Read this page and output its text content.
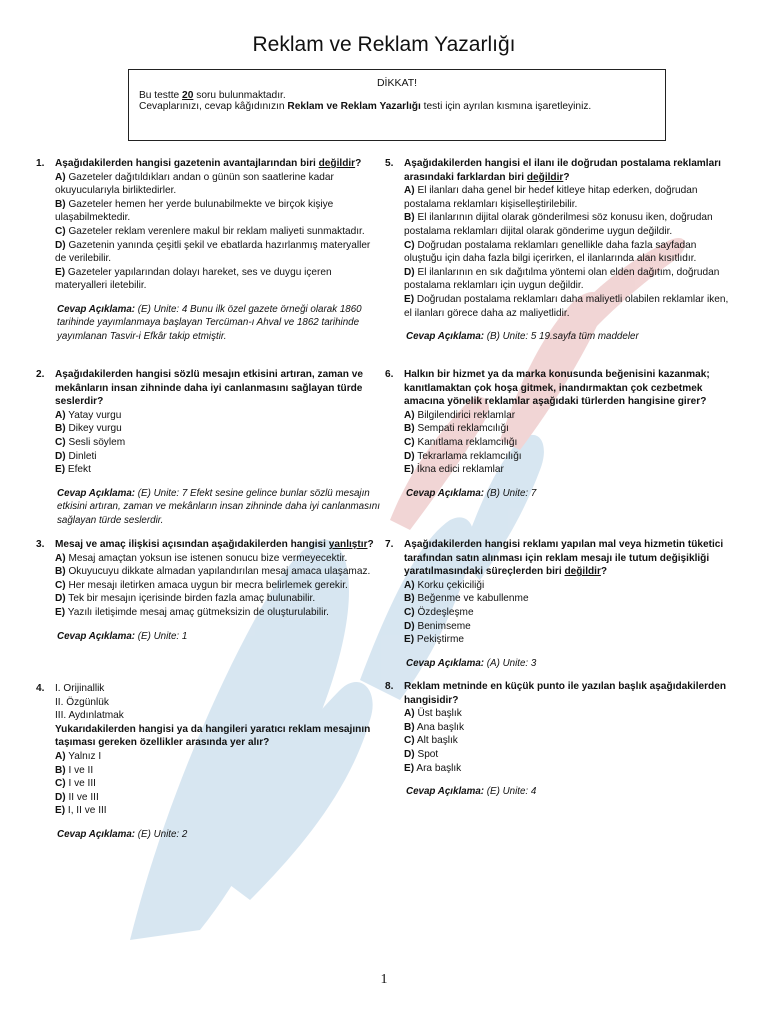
Reklam ve Reklam Yazarlığı
DİKKAT!
Bu testte 20 soru bulunmaktadır.
Cevaplarınızı, cevap kâğıdınızın Reklam ve Reklam Yazarlığı testi için ayrılan kısmına işaretleyiniz.
1.	Aşağıdakilerden hangisi gazetenin avantajlarından biri değildir?
A) Gazeteler dağıtıldıkları andan o günün son saatlerine kadar okuyucularıyla birliktedirler.
B) Gazeteler hemen her yerde bulunabilmekte ve birçok kişiye ulaşabilmektedir.
C) Gazeteler reklam verenlere makul bir reklam maliyeti sunmaktadır.
D) Gazetenin yanında çeşitli şekil ve ebatlarda hazırlanmış materyaller de verilebilir.
E) Gazeteler yapılarından dolayı hareket, ses ve duygu içeren materyalleri iletebilir.
Cevap Açıklama: (E) Unite: 4 Bunu ilk özel gazete örneği olarak 1860 tarihinde yayımlanmaya başlayan Tercüman-ı Ahval ve 1862 tarihinde yayımlanan Tasvir-i Efkâr takip etmiştir.
2.	Aşağıdakilerden hangisi sözlü mesajın etkisini artıran, zaman ve mekânların insan zihninde daha iyi canlanmasını sağlayan türde seslerdir?
A) Yatay vurgu
B) Dikey vurgu
C) Sesli söylem
D) Dinleti
E) Efekt
Cevap Açıklama: (E) Unite: 7 Efekt sesine gelince bunlar sözlü mesajın etkisini artıran, zaman ve mekânların insan zihninde daha iyi canlanmasını sağlayan türde seslerdir.
3.	Mesaj ve amaç ilişkisi açısından aşağıdakilerden hangisi yanlıştır?
A) Mesaj amaçtan yoksun ise istenen sonucu bize vermeyecektir.
B) Okuyucuyu dikkate almadan yapılandırılan mesaj amaca ulaşamaz.
C) Her mesajı iletirken amaca uygun bir mecra belirlemek gerekir.
D) Tek bir mesajın içerisinde birden fazla amaç bulunabilir.
E) Yazılı iletişimde mesaj amaç gütmeksizin de oluşturulabilir.
Cevap Açıklama: (E) Unite: 1
4.	I. Orijinallik
II. Özgünlük
III. Aydınlatmak
Yukarıdakilerden hangisi ya da hangileri yaratıcı reklam mesajının taşıması gereken özellikler arasında yer alır?
A) Yalnız I
B) I ve II
C) I ve III
D) II ve III
E) I, II ve III
Cevap Açıklama: (E) Unite: 2
5.	Aşağıdakilerden hangisi el ilanı ile doğrudan postalama reklamları arasındaki farklardan biri değildir?
A) El ilanları daha genel bir hedef kitleye hitap ederken, doğrudan postalama reklamları kişiselleştirilebilir.
B) El ilanlarının dijital olarak gönderilmesi söz konusu iken, doğrudan postalama reklamları dijital olarak gönderime uygun değildir.
C) Doğrudan postalama reklamları genellikle daha fazla sayfadan oluştuğu için daha fazla bilgi içerirken, el ilanlarında alan kısıtlıdır.
D) El ilanlarının en sık dağıtılma yöntemi olan elden dağıtım, doğrudan postalama reklamları için uygun değildir.
E) Doğrudan postalama reklamları daha maliyetli olabilen reklamlar iken, el ilanları görece daha az maliyetlidir.
Cevap Açıklama: (B) Unite: 5 19.sayfa tüm maddeler
6.	Halkın bir hizmet ya da marka konusunda beğenisini kazanmak; kanıtlamaktan çok hoşa gitmek, inandırmaktan çok cezbetmek amacına yönelik reklamlar aşağıdaki türlerden hangisine girer?
A) Bilgilendirici reklamlar
B) Sempati reklamcılığı
C) Kanıtlama reklamcılığı
D) Tekrarlama reklamcılığı
E) İkna edici reklamlar
Cevap Açıklama: (B) Unite: 7
7.	Aşağıdakilerden hangisi reklamı yapılan mal veya hizmetin tüketici tarafından satın alınması için reklam mesajı ile tutum değişikliği yaratılmasındaki süreçlerden biri değildir?
A) Korku çekiciliği
B) Beğenme ve kabullenme
C) Özdeşleşme
D) Benimseme
E) Pekiştirme
Cevap Açıklama: (A) Unite: 3
8.	Reklam metninde en küçük punto ile yazılan başlık aşağıdakilerden hangisidir?
A) Üst başlık
B) Ana başlık
C) Alt başlık
D) Spot
E) Ara başlık
Cevap Açıklama: (E) Unite: 4
1
